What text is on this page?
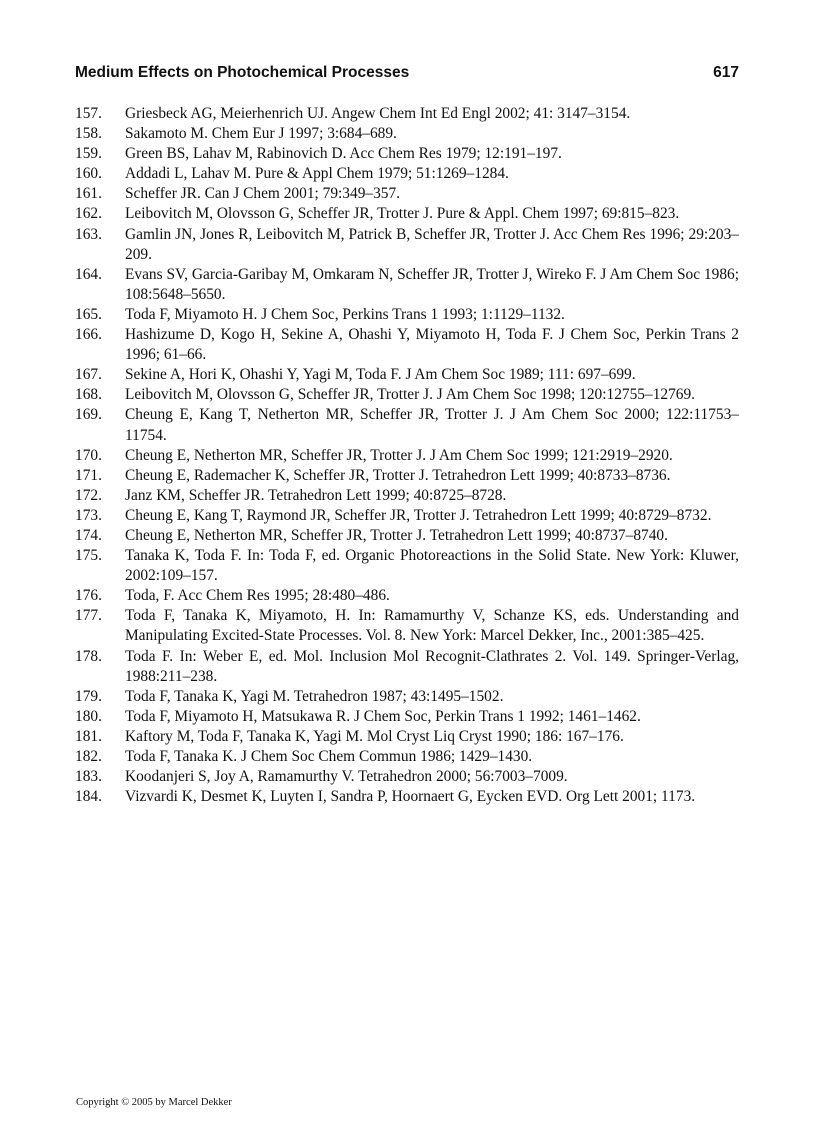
Medium Effects on Photochemical Processes	617
157.	Griesbeck AG, Meierhenrich UJ. Angew Chem Int Ed Engl 2002; 41: 3147–3154.
158.	Sakamoto M. Chem Eur J 1997; 3:684–689.
159.	Green BS, Lahav M, Rabinovich D. Acc Chem Res 1979; 12:191–197.
160.	Addadi L, Lahav M. Pure & Appl Chem 1979; 51:1269–1284.
161.	Scheffer JR. Can J Chem 2001; 79:349–357.
162.	Leibovitch M, Olovsson G, Scheffer JR, Trotter J. Pure & Appl. Chem 1997; 69:815–823.
163.	Gamlin JN, Jones R, Leibovitch M, Patrick B, Scheffer JR, Trotter J. Acc Chem Res 1996; 29:203–209.
164.	Evans SV, Garcia-Garibay M, Omkaram N, Scheffer JR, Trotter J, Wireko F. J Am Chem Soc 1986; 108:5648–5650.
165.	Toda F, Miyamoto H. J Chem Soc, Perkins Trans 1 1993; 1:1129–1132.
166.	Hashizume D, Kogo H, Sekine A, Ohashi Y, Miyamoto H, Toda F. J Chem Soc, Perkin Trans 2 1996; 61–66.
167.	Sekine A, Hori K, Ohashi Y, Yagi M, Toda F. J Am Chem Soc 1989; 111: 697–699.
168.	Leibovitch M, Olovsson G, Scheffer JR, Trotter J. J Am Chem Soc 1998; 120:12755–12769.
169.	Cheung E, Kang T, Netherton MR, Scheffer JR, Trotter J. J Am Chem Soc 2000; 122:11753–11754.
170.	Cheung E, Netherton MR, Scheffer JR, Trotter J. J Am Chem Soc 1999; 121:2919–2920.
171.	Cheung E, Rademacher K, Scheffer JR, Trotter J. Tetrahedron Lett 1999; 40:8733–8736.
172.	Janz KM, Scheffer JR. Tetrahedron Lett 1999; 40:8725–8728.
173.	Cheung E, Kang T, Raymond JR, Scheffer JR, Trotter J. Tetrahedron Lett 1999; 40:8729–8732.
174.	Cheung E, Netherton MR, Scheffer JR, Trotter J. Tetrahedron Lett 1999; 40:8737–8740.
175.	Tanaka K, Toda F. In: Toda F, ed. Organic Photoreactions in the Solid State. New York: Kluwer, 2002:109–157.
176.	Toda, F. Acc Chem Res 1995; 28:480–486.
177.	Toda F, Tanaka K, Miyamoto, H. In: Ramamurthy V, Schanze KS, eds. Understanding and Manipulating Excited-State Processes. Vol. 8. New York: Marcel Dekker, Inc., 2001:385–425.
178.	Toda F. In: Weber E, ed. Mol. Inclusion Mol Recognit-Clathrates 2. Vol. 149. Springer-Verlag, 1988:211–238.
179.	Toda F, Tanaka K, Yagi M. Tetrahedron 1987; 43:1495–1502.
180.	Toda F, Miyamoto H, Matsukawa R. J Chem Soc, Perkin Trans 1 1992; 1461–1462.
181.	Kaftory M, Toda F, Tanaka K, Yagi M. Mol Cryst Liq Cryst 1990; 186: 167–176.
182.	Toda F, Tanaka K. J Chem Soc Chem Commun 1986; 1429–1430.
183.	Koodanjeri S, Joy A, Ramamurthy V. Tetrahedron 2000; 56:7003–7009.
184.	Vizvardi K, Desmet K, Luyten I, Sandra P, Hoornaert G, Eycken EVD. Org Lett 2001; 1173.
Copyright © 2005 by Marcel Dekker
